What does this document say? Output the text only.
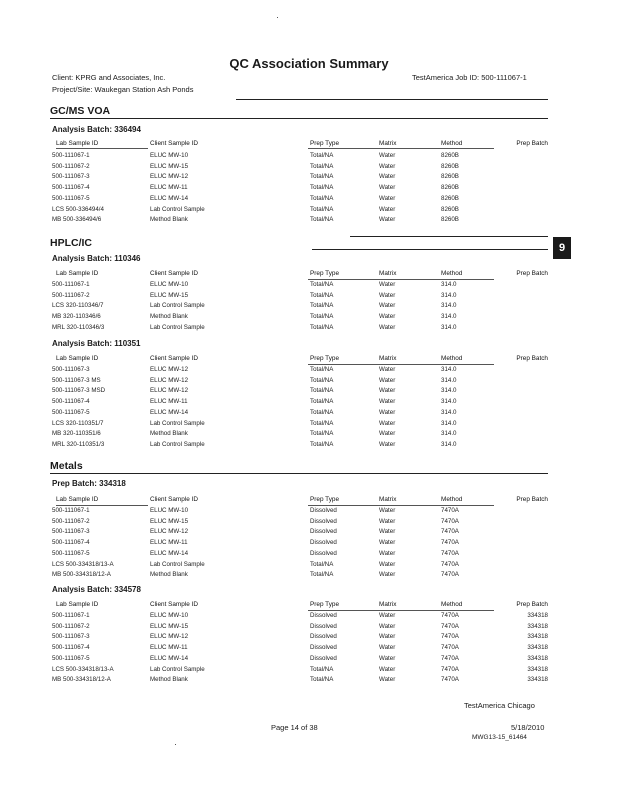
QC Association Summary
Client: KPRG and Associates, Inc.	TestAmerica Job ID: 500-111067-1
Project/Site: Waukegan Station Ash Ponds
GC/MS VOA
Analysis Batch: 336494
Lab Sample ID	Client Sample ID	Prep Type	Matrix	Method	Prep Batch
500-111067-1	ELUC MW-10	Total/NA	Water	8260B
500-111067-2	ELUC MW-15	Total/NA	Water	8260B
500-111067-3	ELUC MW-12	Total/NA	Water	8260B
500-111067-4	ELUC MW-11	Total/NA	Water	8260B
500-111067-5	ELUC MW-14	Total/NA	Water	8260B
LCS 500-336494/4	Lab Control Sample	Total/NA	Water	8260B
MB 500-336494/6	Method Blank	Total/NA	Water	8260B
HPLC/IC	9
Analysis Batch: 110346
Lab Sample ID	Client Sample ID	Prep Type	Matrix	Method	Prep Batch
500-111067-1	ELUC MW-10	Total/NA	Water	314.0
500-111067-2	ELUC MW-15	Total/NA	Water	314.0
LCS 320-110346/7	Lab Control Sample	Total/NA	Water	314.0
MB 320-110346/6	Method Blank	Total/NA	Water	314.0
MRL 320-110346/3	Lab Control Sample	Total/NA	Water	314.0
Analysis Batch: 110351
Lab Sample ID	Client Sample ID	Prep Type	Matrix	Method	Prep Batch
500-111067-3	ELUC MW-12	Total/NA	Water	314.0
500-111067-3 MS	ELUC MW-12	Total/NA	Water	314.0
500-111067-3 MSD	ELUC MW-12	Total/NA	Water	314.0
500-111067-4	ELUC MW-11	Total/NA	Water	314.0
500-111067-5	ELUC MW-14	Total/NA	Water	314.0
LCS 320-110351/7	Lab Control Sample	Total/NA	Water	314.0
MB 320-110351/6	Method Blank	Total/NA	Water	314.0
MRL 320-110351/3	Lab Control Sample	Total/NA	Water	314.0
Metals
Prep Batch: 334318
Lab Sample ID	Client Sample ID	Prep Type	Matrix	Method	Prep Batch
500-111067-1	ELUC MW-10	Dissolved	Water	7470A
500-111067-2	ELUC MW-15	Dissolved	Water	7470A
500-111067-3	ELUC MW-12	Dissolved	Water	7470A
500-111067-4	ELUC MW-11	Dissolved	Water	7470A
500-111067-5	ELUC MW-14	Dissolved	Water	7470A
LCS 500-334318/13-A	Lab Control Sample	Total/NA	Water	7470A
MB 500-334318/12-A	Method Blank	Total/NA	Water	7470A
Analysis Batch: 334578
Lab Sample ID	Client Sample ID	Prep Type	Matrix	Method	Prep Batch
500-111067-1	ELUC MW-10	Dissolved	Water	7470A	334318
500-111067-2	ELUC MW-15	Dissolved	Water	7470A	334318
500-111067-3	ELUC MW-12	Dissolved	Water	7470A	334318
500-111067-4	ELUC MW-11	Dissolved	Water	7470A	334318
500-111067-5	ELUC MW-14	Dissolved	Water	7470A	334318
LCS 500-334318/13-A	Lab Control Sample	Total/NA	Water	7470A	334318
MB 500-334318/12-A	Method Blank	Total/NA	Water	7470A	334318
TestAmerica Chicago
Page 14 of 38	5/18/2010
MWG13-15_61464
